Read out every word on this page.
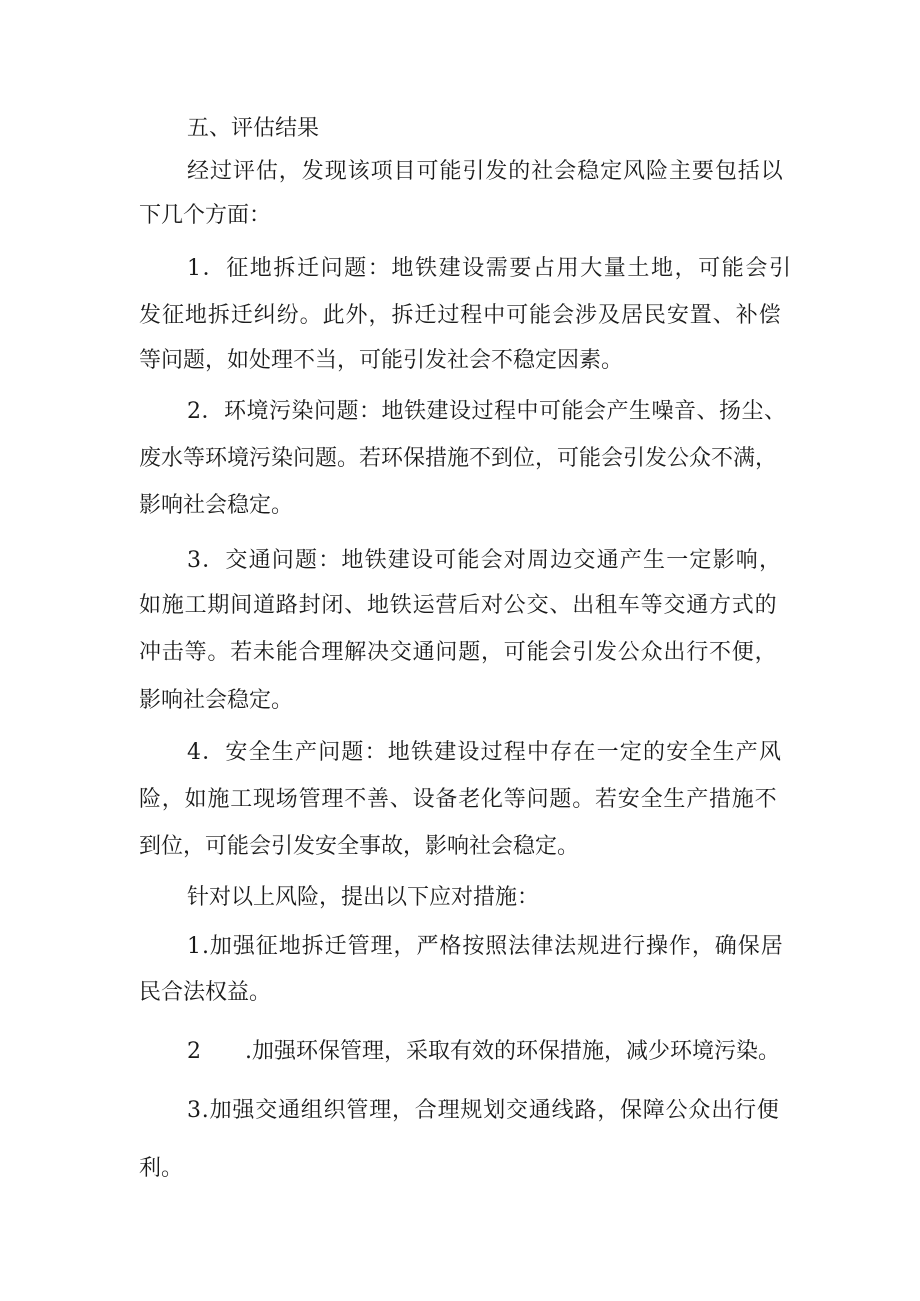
五、评估结果

经过评估，发现该项目可能引发的社会稳定风险主要包括以

下几个方面：

1．征地拆迁问题：地铁建设需要占用大量土地，可能会引

发征地拆迁纠纷。此外，拆迁过程中可能会涉及居民安置、补偿

等问题，如处理不当，可能引发社会不稳定因素。

2．环境污染问题：地铁建设过程中可能会产生噪音、扬尘、

废水等环境污染问题。若环保措施不到位，可能会引发公众不满，

影响社会稳定。

3．交通问题：地铁建设可能会对周边交通产生一定影响，

如施工期间道路封闭、地铁运营后对公交、出租车等交通方式的

冲击等。若未能合理解决交通问题，可能会引发公众出行不便，

影响社会稳定。

4．安全生产问题：地铁建设过程中存在一定的安全生产风

险，如施工现场管理不善、设备老化等问题。若安全生产措施不

到位，可能会引发安全事故，影响社会稳定。

针对以上风险，提出以下应对措施：

1.加强征地拆迁管理，严格按照法律法规进行操作，确保居

民合法权益。

2　　.加强环保管理，采取有效的环保措施，减少环境污染。

3.加强交通组织管理，合理规划交通线路，保障公众出行便

利。
